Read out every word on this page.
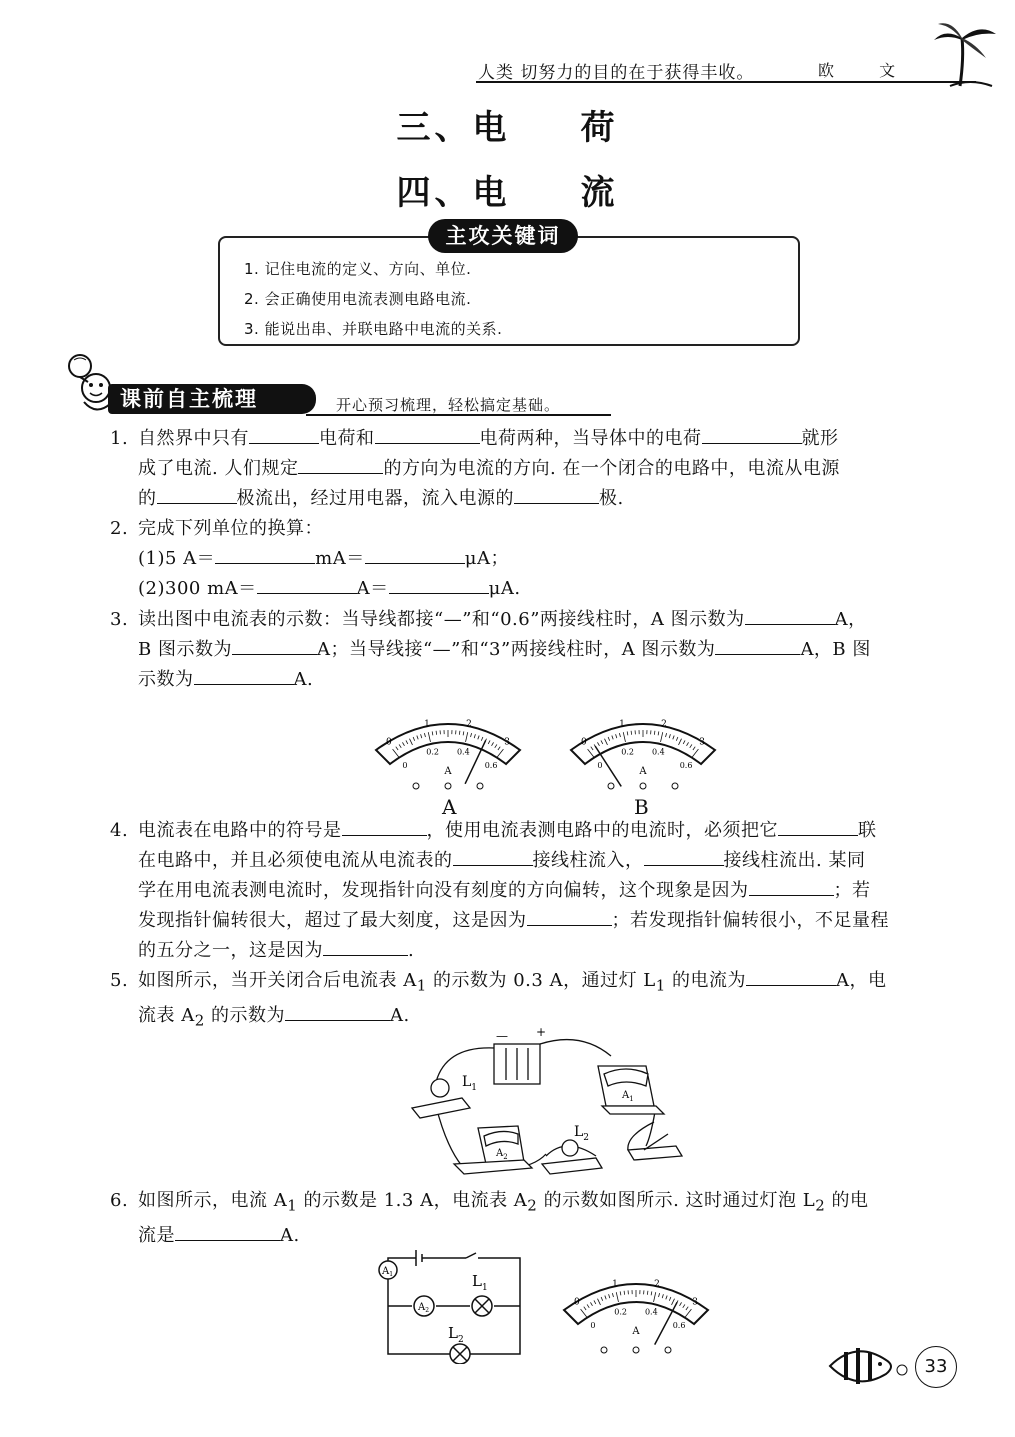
人类 切努力的目的在于获得丰收。	欧 文
三、电 荷
四、电 流
主攻关键词
1. 记住电流的定义、方向、单位.
2. 会正确使用电流表测电路电流.
3. 能说出串、并联电路中电流的关系.
课前自主梳理	开心预习梳理，轻松搞定基础。
1. 自然界中只有	电荷和	电荷两种，当导体中的电荷	就形
成了电流. 人们规定	的方向为电流的方向. 在一个闭合的电路中，电流从电源
的	极流出，经过用电器，流入电源的	极.
2. 完成下列单位的换算：
(1)5 A＝	mA＝	μA；
(2)300 mA＝	A＝	μA.
3. 读出图中电流表的示数：当导线都接“—”和“0.6”两接线柱时，A 图示数为	A，
B 图示数为	A；当导线接“—”和“3”两接线柱时，A 图示数为	A，B 图
示数为	A.
0
1	2
3
0
0.2 0.4
0.6
A
0
1	2
3
0
0.2 0.4
0.6
A
A	B
4. 电流表在电路中的符号是	，使用电流表测电路中的电流时，必须把它	联
在电路中，并且必须使电流从电流表的	接线柱流入，	接线柱流出. 某同
学在用电流表测电流时，发现指针向没有刻度的方向偏转，这个现象是因为	；若
发现指针偏转很大，超过了最大刻度，这是因为	；若发现指针偏转很小，不足量程
的五分之一，这是因为	.
5. 如图所示，当开关闭合后电流表 $A_1$ 的示数为 0.3 A，通过灯 $L_1$ 的电流为	A，电
流表 $A_2$ 的示数为	A.
— +
$L_1$
$L_2$
$A_1$
$A_2$
6. 如图所示，电流 $A_1$ 的示数是 1.3 A，电流表 $A_2$ 的示数如图所示. 这时通过灯泡 $L_2$ 的电
流是	A.
$A_1$
$A_2$
$L_1$
$L_2$
0
1	2
3
0
0.2 0.4
0.6
A
33
